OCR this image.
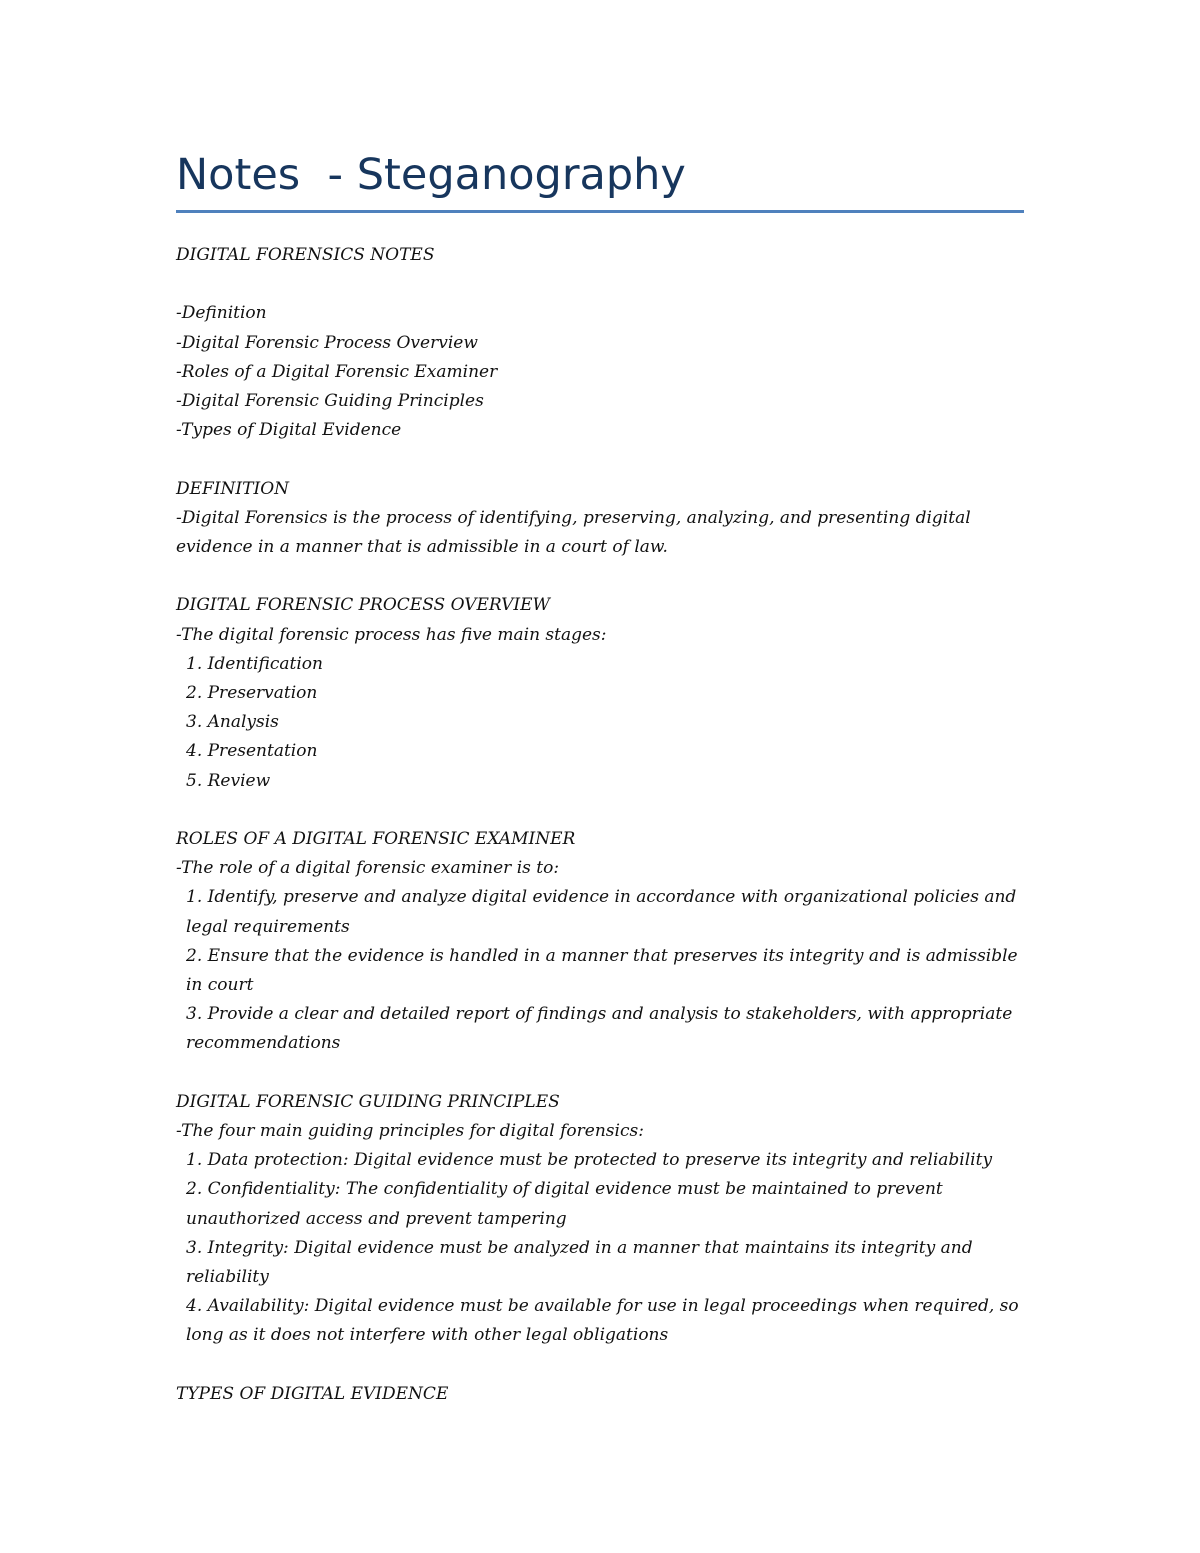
Notes  - Steganography

DIGITAL FORENSICS NOTES

-Definition

-Digital Forensic Process Overview

-Roles of a Digital Forensic Examiner

-Digital Forensic Guiding Principles

-Types of Digital Evidence

DEFINITION

-Digital Forensics is the process of identifying, preserving, analyzing, and presenting digital evidence in a manner that is admissible in a court of law.

DIGITAL FORENSIC PROCESS OVERVIEW

-The digital forensic process has five main stages:

1. Identification

2. Preservation

3. Analysis

4. Presentation

5. Review

ROLES OF A DIGITAL FORENSIC EXAMINER

-The role of a digital forensic examiner is to:

1. Identify, preserve and analyze digital evidence in accordance with organizational policies and legal requirements

2. Ensure that the evidence is handled in a manner that preserves its integrity and is admissible in court

3. Provide a clear and detailed report of findings and analysis to stakeholders, with appropriate recommendations

DIGITAL FORENSIC GUIDING PRINCIPLES

-The four main guiding principles for digital forensics:

1. Data protection: Digital evidence must be protected to preserve its integrity and reliability

2. Confidentiality: The confidentiality of digital evidence must be maintained to prevent unauthorized access and prevent tampering

3. Integrity: Digital evidence must be analyzed in a manner that maintains its integrity and reliability

4. Availability: Digital evidence must be available for use in legal proceedings when required, so long as it does not interfere with other legal obligations

TYPES OF DIGITAL EVIDENCE
